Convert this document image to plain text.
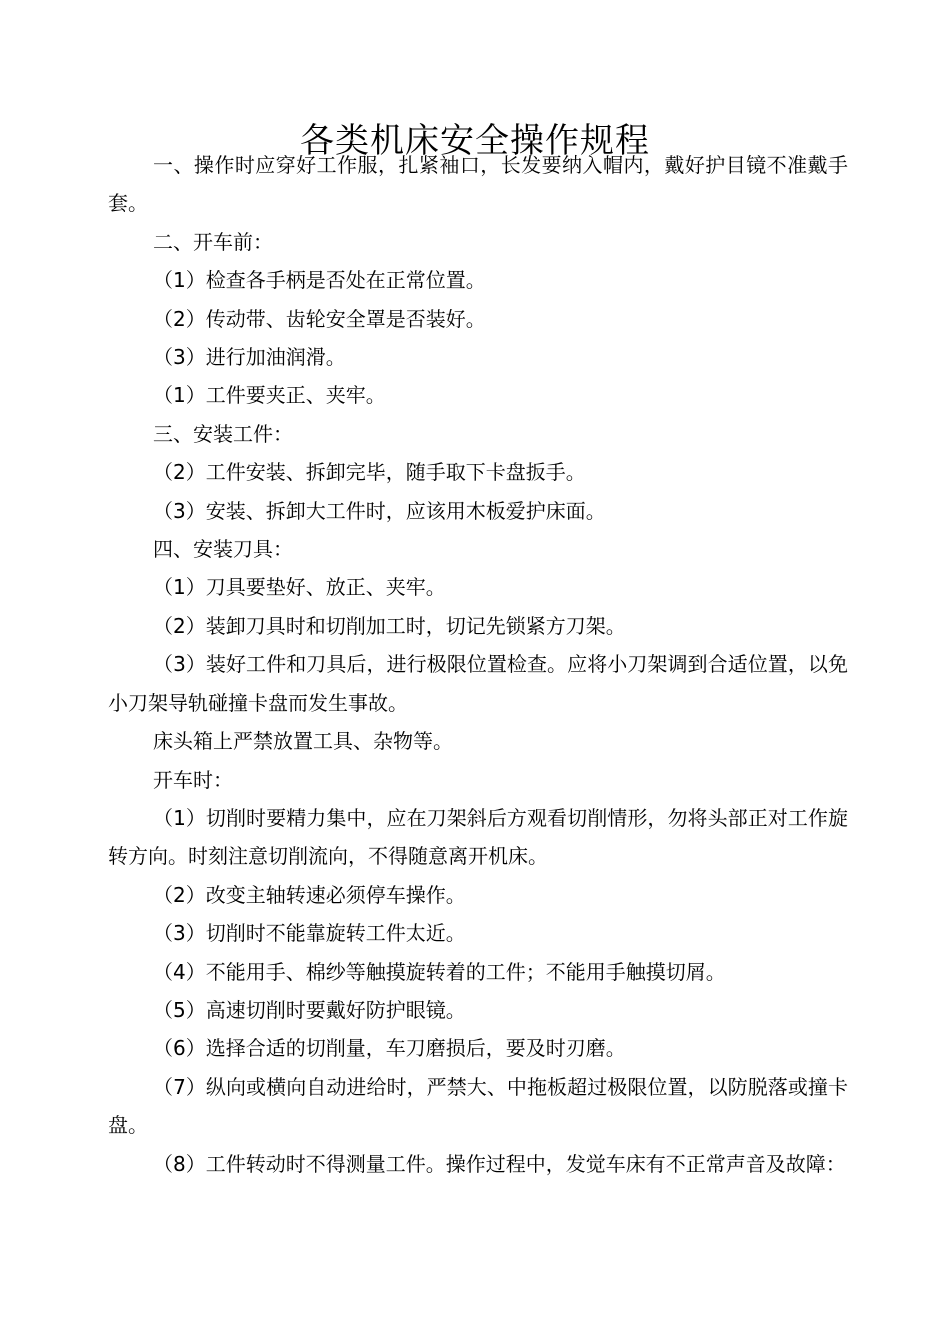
各类机床安全操作规程

一、操作时应穿好工作服，扎紧袖口，长发要纳入帽内，戴好护目镜不准戴手套。

二、开车前：

（1）检查各手柄是否处在正常位置。

（2）传动带、齿轮安全罩是否装好。

（3）进行加油润滑。

（1）工件要夹正、夹牢。

三、安装工件：

（2）工件安装、拆卸完毕，随手取下卡盘扳手。

（3）安装、拆卸大工件时，应该用木板爱护床面。

四、安装刀具：

（1）刀具要垫好、放正、夹牢。

（2）装卸刀具时和切削加工时，切记先锁紧方刀架。

（3）装好工件和刀具后，进行极限位置检查。应将小刀架调到合适位置，以免小刀架导轨碰撞卡盘而发生事故。

床头箱上严禁放置工具、杂物等。

开车时：

（1）切削时要精力集中，应在刀架斜后方观看切削情形，勿将头部正对工作旋转方向。时刻注意切削流向，不得随意离开机床。

（2）改变主轴转速必须停车操作。

（3）切削时不能靠旋转工件太近。

（4）不能用手、棉纱等触摸旋转着的工件；不能用手触摸切屑。

（5）高速切削时要戴好防护眼镜。

（6）选择合适的切削量，车刀磨损后，要及时刃磨。

（7）纵向或横向自动进给时，严禁大、中拖板超过极限位置，以防脱落或撞卡盘。

（8）工件转动时不得测量工件。操作过程中，发觉车床有不正常声音及故障：
